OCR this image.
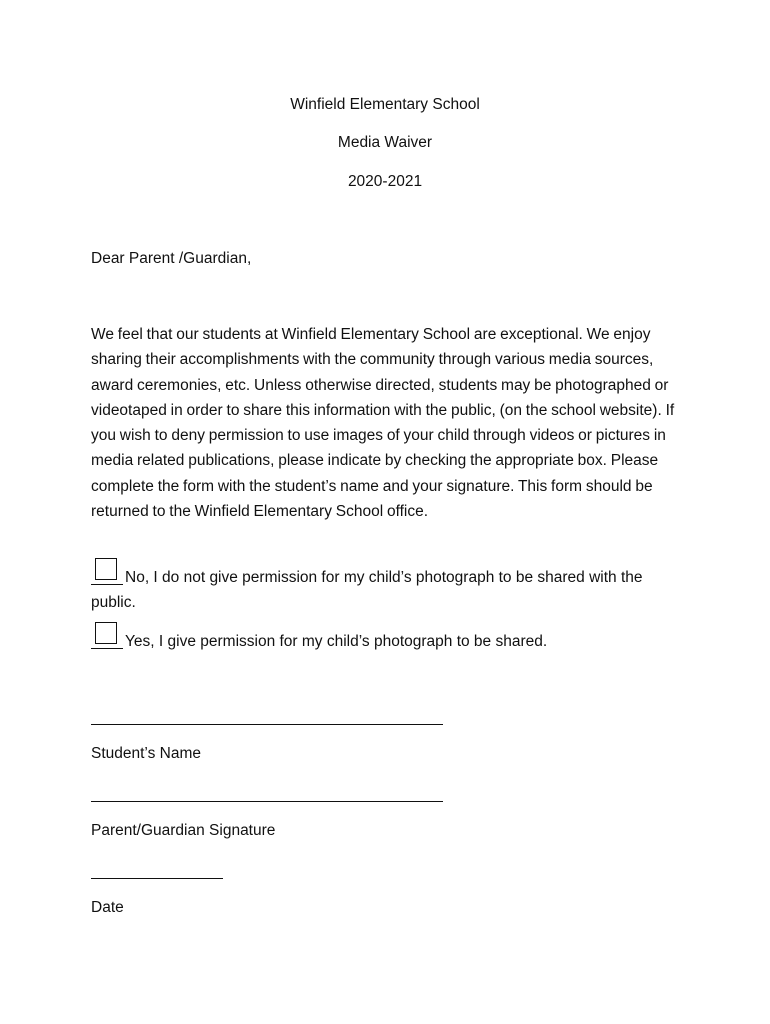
Winfield Elementary School
Media Waiver
2020-2021
Dear Parent /Guardian,
We feel that our students at Winfield Elementary School are exceptional. We enjoy sharing their accomplishments with the community through various media sources, award ceremonies, etc. Unless otherwise directed, students may be photographed or videotaped in order to share this information with the public, (on the school website). If you wish to deny permission to use images of your child through videos or pictures in media related publications, please indicate by checking the appropriate box. Please complete the form with the student’s name and your signature. This form should be returned to the Winfield Elementary School office.
No, I do not give permission for my child’s photograph to be shared with the public.
Yes, I give permission for my child’s photograph to be shared.
Student’s Name
Parent/Guardian Signature
Date
